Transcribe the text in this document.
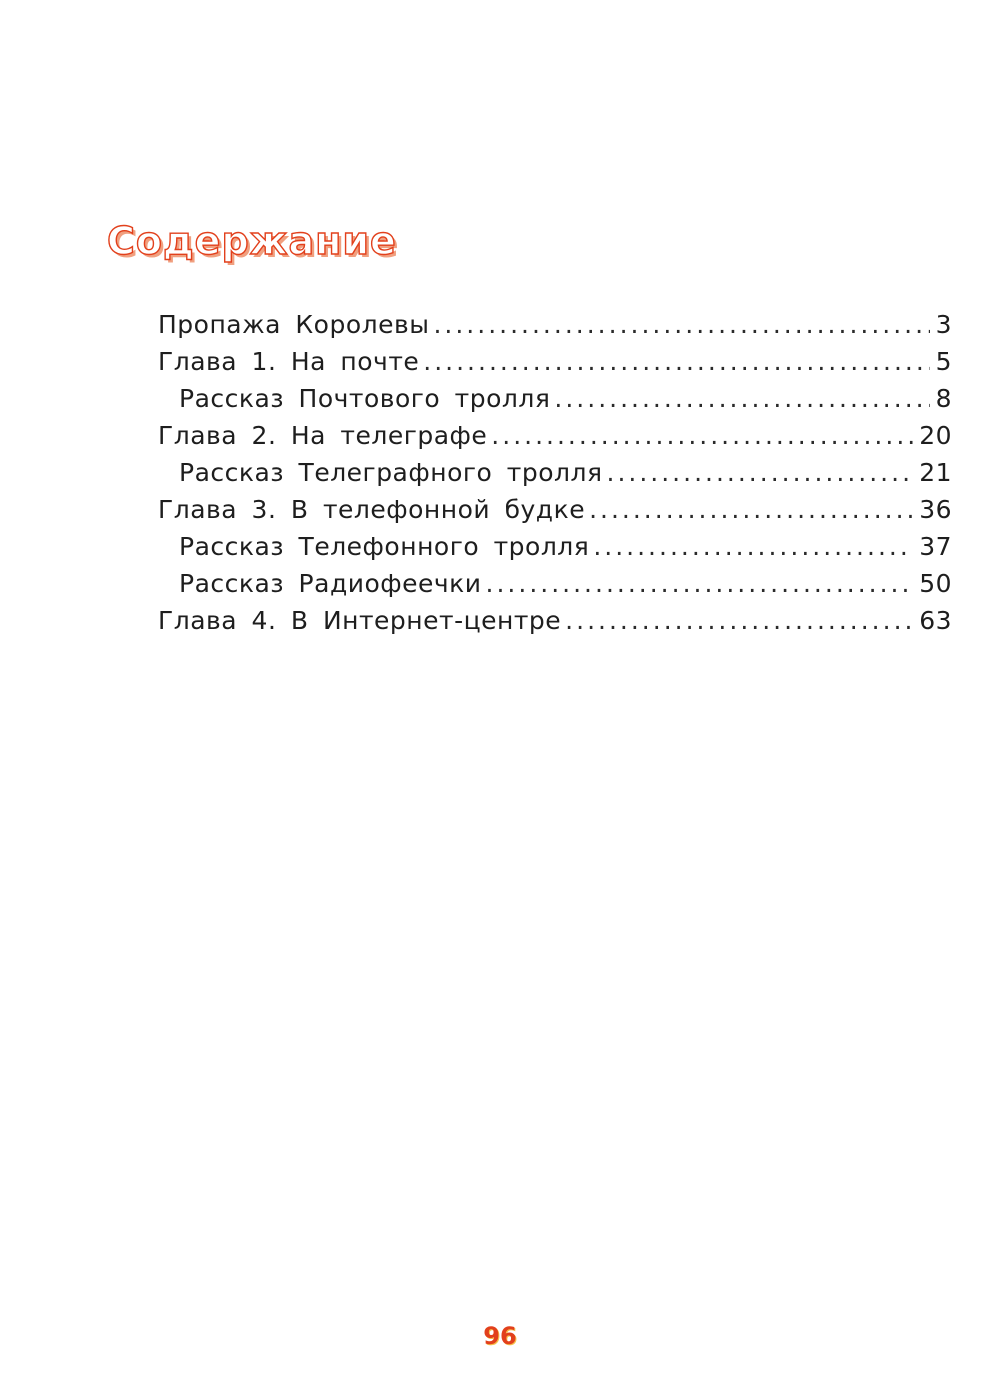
Содержание
Пропажа Королевы .....	3
Глава 1. На почте .....	5
Рассказ Почтового тролля .....	8
Глава 2. На телеграфе .....	20
Рассказ Телеграфного тролля .....	21
Глава 3. В телефонной будке .....	36
Рассказ Телефонного тролля .....	37
Рассказ Радиофеечки .....	50
Глава 4. В Интернет-центре .....	63
96
